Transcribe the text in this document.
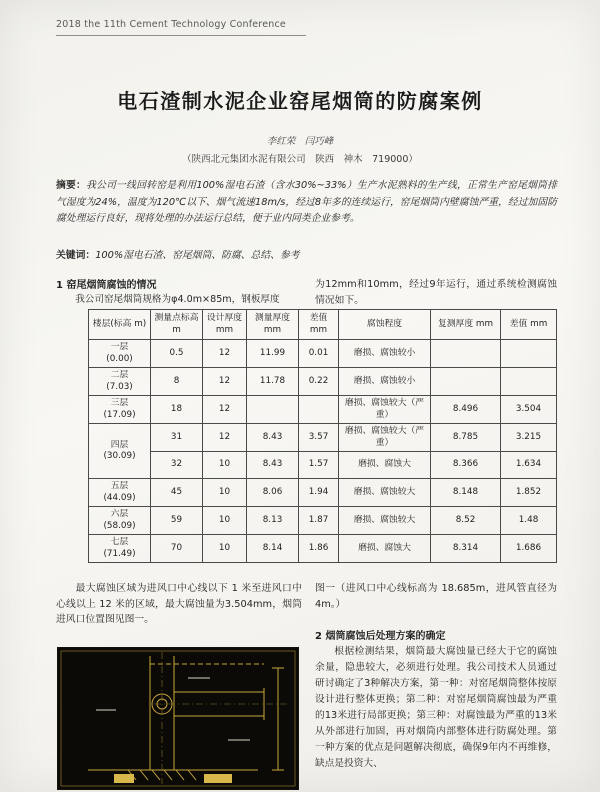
2018 the 11th Cement Technology Conference
电石渣制水泥企业窑尾烟筒的防腐案例
李红荣　闫巧峰
（陕西北元集团水泥有限公司　陕西　神木　719000）

摘要：我公司一线回转窑是利用100%湿电石渣（含水30%~33%）生产水泥熟料的生产线，正常生产窑尾烟筒排气湿度为24%，温度为120℃以下、烟气流速18m/s，经过8年多的连续运行，窑尾烟筒内壁腐蚀严重，经过加固防腐处理运行良好，现将处理的办法运行总结，便于业内同类企业参考。

关键词：100%湿电石渣、窑尾烟筒、防腐、总结、参考

1 窑尾烟筒腐蚀的情况

我公司窑尾烟筒规格为φ4.0m×85m，钢板厚度

为12mm和10mm，经过9年运行，通过系统检测腐蚀情况如下。

楼层(标高 m)	测量点标高 m	设计厚度 mm	测量厚度 mm	差值 mm	腐蚀程度	复测厚度 mm	差值 mm
一层
(0.00)	0.5	12	11.99	0.01	磨损、腐蚀较小		
二层
(7.03)	8	12	11.78	0.22	磨损、腐蚀较小		
三层
(17.09)	18	12			磨损、腐蚀较大（严重）	8.496	3.504
四层
(30.09)	31	12	8.43	3.57	磨损、腐蚀较大（严重）	8.785	3.215
	32	10	8.43	1.57	磨损、腐蚀大	8.366	1.634
五层
(44.09)	45	10	8.06	1.94	磨损、腐蚀较大	8.148	1.852
六层
(58.09)	59	10	8.13	1.87	磨损、腐蚀较大	8.52	1.48
七层
(71.49)	70	10	8.14	1.86	磨损、腐蚀大	8.314	1.686

最大腐蚀区域为进风口中心线以下 1 米至进风口中心线以上 12 米的区域，最大腐蚀量为3.504mm，烟筒进风口位置图见图一。

图一（进风口中心线标高为 18.685m，进风管直径为 4m。）

2 烟筒腐蚀后处理方案的确定

根据检测结果，烟筒最大腐蚀量已经大于它的腐蚀余量，隐患较大，必须进行处理。我公司技术人员通过研讨确定了3种解决方案，第一种：对窑尾烟筒整体按原设计进行整体更换；第二种：对窑尾烟筒腐蚀最为严重的13米进行局部更换；第三种：对腐蚀最为严重的13米从外部进行加固，再对烟筒内部整体进行防腐处理。第一种方案的优点是问题解决彻底，确保9年内不再维修，缺点是投资大、
